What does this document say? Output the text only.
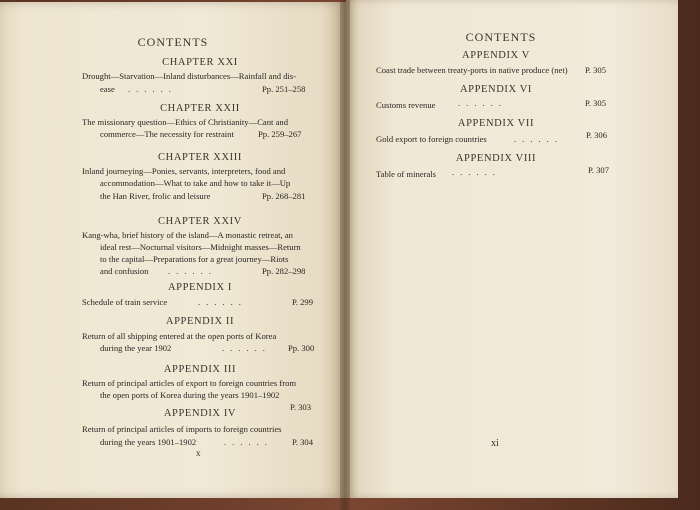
CONTENTS
CHAPTER XXI
Drought—Starvation—Inland disturbances—Rainfall and dis-
ease ......	Pp. 251–258
CHAPTER XXII
The missionary question—Ethics of Christianity—Cant and
commerce—The necessity for restraint	Pp. 259–267
CHAPTER XXIII
Inland journeying—Ponies, servants, interpreters, food and
accommodation—What to take and how to take it—Up
the Han River, frolic and leisure	Pp. 268–281
CHAPTER XXIV
Kang-wha, brief history of the island—A monastic retreat, an
ideal rest—Nocturnal visitors—Midnight masses—Return
to the capital—Preparations for a great journey—Riots
and confusion ......	Pp. 282–298
APPENDIX I
Schedule of train service	......	P. 299
APPENDIX II
Return of all shipping entered at the open ports of Korea
during the year 1902	...... Pp. 300
APPENDIX III
Return of principal articles of export to foreign countries from
the open ports of Korea during the years 1901–1902
P. 303
APPENDIX IV
Return of principal articles of imports to foreign countries
during the years 1901–1902	...... P. 304
x
CONTENTS
APPENDIX V
Coast trade between treaty-ports in native produce (net) P. 305
APPENDIX VI
Customs revenue	......	P. 305
APPENDIX VII
Gold export to foreign countries	......	P. 306
APPENDIX VIII
Table of minerals ......	P. 307
xi
